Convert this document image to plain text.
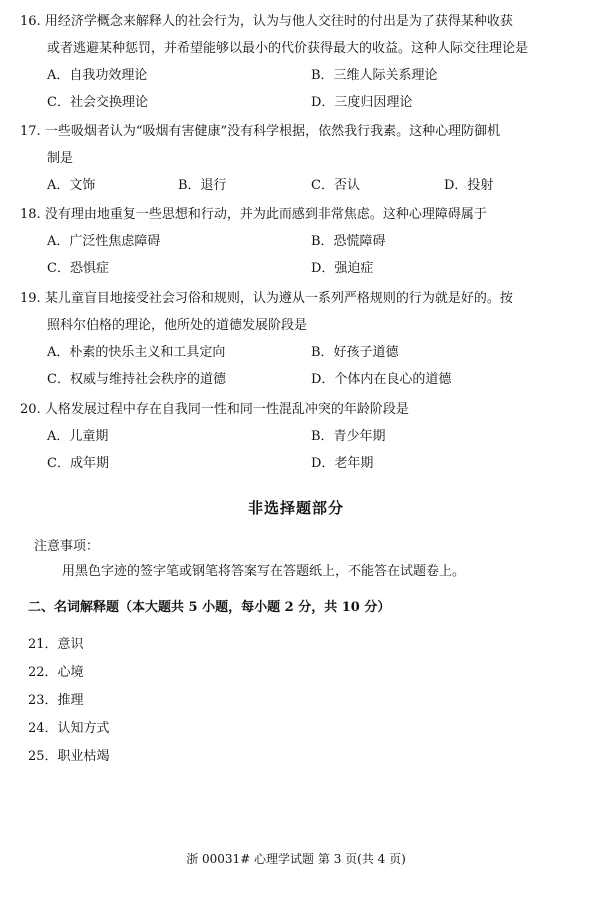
16. 用经济学概念来解释人的社会行为，认为与他人交往时的付出是为了获得某种收获
或者逃避某种惩罚，并希望能够以最小的代价获得最大的收益。这种人际交往理论是
A．自我功效理论	B．三维人际关系理论
C．社会交换理论	D．三度归因理论
17. 一些吸烟者认为“吸烟有害健康”没有科学根据，依然我行我素。这种心理防御机
制是
A．文饰	B．退行	C．否认	D．投射
18. 没有理由地重复一些思想和行动，并为此而感到非常焦虑。这种心理障碍属于
A．广泛性焦虑障碍	B．恐慌障碍
C．恐惧症	D．强迫症
19. 某儿童盲目地接受社会习俗和规则，认为遵从一系列严格规则的行为就是好的。按
照科尔伯格的理论，他所处的道德发展阶段是
A．朴素的快乐主义和工具定向	B．好孩子道德
C．权威与维持社会秩序的道德	D．个体内在良心的道德
20. 人格发展过程中存在自我同一性和同一性混乱冲突的年龄阶段是
A．儿童期	B．青少年期
C．成年期	D．老年期
非选择题部分
注意事项：
用黑色字迹的签字笔或钢笔将答案写在答题纸上，不能答在试题卷上。
二、名词解释题（本大题共 5 小题，每小题 2 分，共 10 分）
21．意识
22．心境
23．推理
24．认知方式
25．职业枯竭
浙 00031# 心理学试题 第 3 页(共 4 页)
